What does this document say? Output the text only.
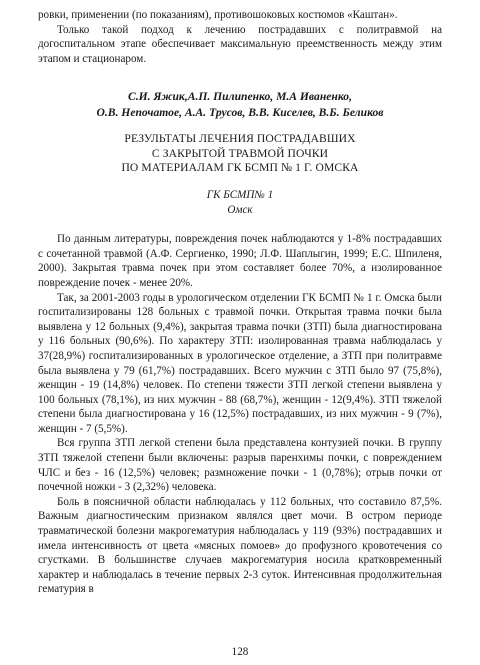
ровки, применении (по показаниям), противошоковых костюмов «Каштан».

Только такой подход к лечению пострадавших с политравмой на догоспитальном этапе обеспечивает максимальную преемственность между этим этапом и стационаром.

С.И. Яжик,А.П. Пилипенко, М.А Иваненко,
О.В. Непочатое, А.А. Трусов, В.В. Киселев, В.Б. Беликов
РЕЗУЛЬТАТЫ ЛЕЧЕНИЯ ПОСТРАДАВШИХ
С ЗАКРЫТОЙ ТРАВМОЙ ПОЧКИ
ПО МАТЕРИАЛАМ ГК БСМП № 1 Г. ОМСКА
ГК БСМП№ 1
Омск

По данным литературы, повреждения почек наблюдаются у 1-8% пострадавших с сочетанной травмой (А.Ф. Сергиенко, 1990; Л.Ф. Шаплыгин, 1999; Е.С. Шпиленя, 2000). Закрытая травма почек при этом составляет более 70%, а изолированное повреждение почек - менее 20%.

Так, за 2001-2003 годы в урологическом отделении ГК БСМП № 1 г. Омска были госпитализированы 128 больных с травмой почки. Открытая травма почки была выявлена у 12 больных (9,4%), закрытая травма почки (ЗТП) была диагностирована у 116 больных (90,6%). По характеру ЗТП: изолированная травма наблюдалась у 37(28,9%) госпитализированных в урологическое отделение, а ЗТП при политравме была выявлена у 79 (61,7%) пострадавших. Всего мужчин с ЗТП было 97 (75,8%), женщин - 19 (14,8%) человек. По степени тяжести ЗТП легкой степени выявлена у 100 больных (78,1%), из них мужчин - 88 (68,7%), женщин - 12(9,4%). ЗТП тяжелой степени была диагностирована у 16 (12,5%) пострадавших, из них мужчин - 9 (7%), женщин - 7 (5,5%).

Вся группа ЗТП легкой степени была представлена контузией почки. В группу ЗТП тяжелой степени были включены: разрыв паренхимы почки, с повреждением ЧЛС и без - 16 (12,5%) человек; размножение почки - 1 (0,78%); отрыв почки от почечной ножки - 3 (2,32%) человека.

Боль в поясничной области наблюдалась у 112 больных, что составило 87,5%. Важным диагностическим признаком являлся цвет мочи. В остром периоде травматической болезни макрогематурия наблюдалась у 119 (93%) пострадавших и имела интенсивность от цвета «мясных помоев» до профузного кровотечения со сгустками. В большинстве случаев макрогематурия носила кратковременный характер и наблюдалась в течение первых 2-3 суток. Интенсивная продолжительная гематурия в

128
